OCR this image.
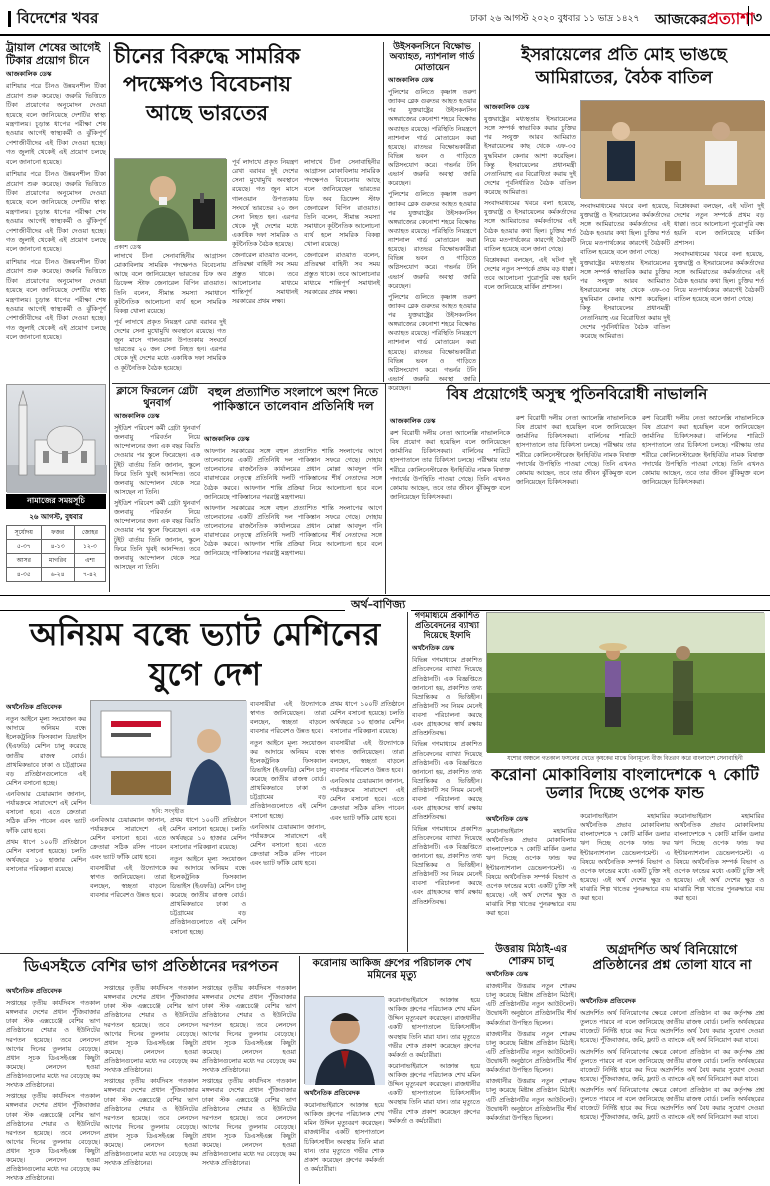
বিদেশের খবর	ঢাকা ২৬ আগস্ট ২০২০ বুধবার ১১ ভাদ্র ১৪২৭ আজকেরপ্রত্যাশা
৩
ট্রায়াল শেষের আগেই টিকার প্রয়োগ চীনে
আজকালিক ডেস্ক
রাশিয়ার পরে চীনও উন্নয়নশীল টিকা প্রয়োগ শুরু করেছে। জরুরি ভিত্তিতে টিকা প্রয়োগের অনুমোদন দেওয়া হয়েছে বলে জানিয়েছে দেশটির স্বাস্থ্য মন্ত্রণালয়। চূড়ান্ত ধাপের পরীক্ষা শেষ হওয়ার আগেই স্বাস্থ্যকর্মী ও ঝুঁকিপূর্ণ পেশাজীবীদের এই টিকা দেওয়া হচ্ছে। গত জুলাই থেকেই এই প্রয়োগ চলছে বলে জানানো হয়েছে।
রাশিয়ার পরে চীনও উন্নয়নশীল টিকা প্রয়োগ শুরু করেছে। জরুরি ভিত্তিতে টিকা প্রয়োগের অনুমোদন দেওয়া হয়েছে বলে জানিয়েছে দেশটির স্বাস্থ্য মন্ত্রণালয়। চূড়ান্ত ধাপের পরীক্ষা শেষ হওয়ার আগেই স্বাস্থ্যকর্মী ও ঝুঁকিপূর্ণ পেশাজীবীদের এই টিকা দেওয়া হচ্ছে। গত জুলাই থেকেই এই প্রয়োগ চলছে বলে জানানো হয়েছে।
রাশিয়ার পরে চীনও উন্নয়নশীল টিকা প্রয়োগ শুরু করেছে। জরুরি ভিত্তিতে টিকা প্রয়োগের অনুমোদন দেওয়া হয়েছে বলে জানিয়েছে দেশটির স্বাস্থ্য মন্ত্রণালয়। চূড়ান্ত ধাপের পরীক্ষা শেষ হওয়ার আগেই স্বাস্থ্যকর্মী ও ঝুঁকিপূর্ণ পেশাজীবীদের এই টিকা দেওয়া হচ্ছে। গত জুলাই থেকেই এই প্রয়োগ চলছে বলে জানানো হয়েছে।
নামাজের সময়সূচি
২৬ আগস্ট, বুধবার
সূর্যোদয়	ফজর	জোহর
৫-৩৭	৪-১৩	১২-৩
আসর	মাগরিব	এশা
৪-৩৫	৬-২৪	৭-৪২
চীনের বিরুদ্ধে সামরিক পদক্ষেপও বিবেচনায় আছে ভারতের
প্রকাশ ডেস্ক
লাদাখে চীনা সেনাবাহিনীর আগ্রাসন মোকাবিলায় সামরিক পদক্ষেপও বিবেচনায় আছে বলে জানিয়েছেন ভারতের চিফ অব ডিফেন্স স্টাফ জেনারেল বিপিন রাওয়াত। তিনি বলেন, সীমান্ত সমস্যা সমাধানে কূটনৈতিক আলোচনা ব্যর্থ হলে সামরিক বিকল্প খোলা রয়েছে।
পূর্ব লাদাখে প্রকৃত নিয়ন্ত্রণ রেখা বরাবর দুই দেশের সেনা মুখোমুখি অবস্থানে রয়েছে। গত জুন মাসে গালওয়ান উপত্যকায় সংঘর্ষে ভারতের ২০ জন সেনা নিহত হন। এরপর থেকে দুই দেশের মধ্যে একাধিক দফা সামরিক ও কূটনৈতিক বৈঠক হয়েছে।
পূর্ব লাদাখে প্রকৃত নিয়ন্ত্রণ রেখা বরাবর দুই দেশের সেনা মুখোমুখি অবস্থানে রয়েছে। গত জুন মাসে গালওয়ান উপত্যকায় সংঘর্ষে ভারতের ২০ জন সেনা নিহত হন। এরপর থেকে দুই দেশের মধ্যে একাধিক দফা সামরিক ও কূটনৈতিক বৈঠক হয়েছে।
জেনারেল রাওয়াত বলেন, প্রতিরক্ষা বাহিনী সব সময় প্রস্তুত থাকে। তবে আলোচনার মাধ্যমে শান্তিপূর্ণ সমাধানই সরকারের প্রথম লক্ষ্য।
লাদাখে চীনা সেনাবাহিনীর আগ্রাসন মোকাবিলায় সামরিক পদক্ষেপও বিবেচনায় আছে বলে জানিয়েছেন ভারতের চিফ অব ডিফেন্স স্টাফ জেনারেল বিপিন রাওয়াত। তিনি বলেন, সীমান্ত সমস্যা সমাধানে কূটনৈতিক আলোচনা ব্যর্থ হলে সামরিক বিকল্প খোলা রয়েছে।
জেনারেল রাওয়াত বলেন, প্রতিরক্ষা বাহিনী সব সময় প্রস্তুত থাকে। তবে আলোচনার মাধ্যমে শান্তিপূর্ণ সমাধানই সরকারের প্রথম লক্ষ্য।
উইসকনসিনে বিক্ষোভ অব্যাহত, ন্যাশনাল গার্ড মোতায়েন
আজকালিক ডেস্ক
পুলিশের গুলিতে কৃষ্ণাঙ্গ তরুণ জ্যাকব ব্লেক গুরুতর আহত হওয়ার পর যুক্তরাষ্ট্রের উইসকনসিন অঙ্গরাজ্যের কেনোশা শহরে বিক্ষোভ অব্যাহত রয়েছে। পরিস্থিতি নিয়ন্ত্রণে ন্যাশনাল গার্ড মোতায়েন করা হয়েছে। রাতভর বিক্ষোভকারীরা বিভিন্ন ভবন ও গাড়িতে অগ্নিসংযোগ করে। গভর্নর টনি এভার্স জরুরি অবস্থা জারি করেছেন।
পুলিশের গুলিতে কৃষ্ণাঙ্গ তরুণ জ্যাকব ব্লেক গুরুতর আহত হওয়ার পর যুক্তরাষ্ট্রের উইসকনসিন অঙ্গরাজ্যের কেনোশা শহরে বিক্ষোভ অব্যাহত রয়েছে। পরিস্থিতি নিয়ন্ত্রণে ন্যাশনাল গার্ড মোতায়েন করা হয়েছে। রাতভর বিক্ষোভকারীরা বিভিন্ন ভবন ও গাড়িতে অগ্নিসংযোগ করে। গভর্নর টনি এভার্স জরুরি অবস্থা জারি করেছেন।
পুলিশের গুলিতে কৃষ্ণাঙ্গ তরুণ জ্যাকব ব্লেক গুরুতর আহত হওয়ার পর যুক্তরাষ্ট্রের উইসকনসিন অঙ্গরাজ্যের কেনোশা শহরে বিক্ষোভ অব্যাহত রয়েছে। পরিস্থিতি নিয়ন্ত্রণে ন্যাশনাল গার্ড মোতায়েন করা হয়েছে। রাতভর বিক্ষোভকারীরা বিভিন্ন ভবন ও গাড়িতে অগ্নিসংযোগ করে। গভর্নর টনি এভার্স জরুরি অবস্থা জারি করেছেন।
ইসরায়েলের প্রতি মোহ ভাঙছে আমিরাতের, বৈঠক বাতিল
আজকালিক ডেস্ক
যুক্তরাষ্ট্রের মধ্যস্থতায় ইসরায়েলের সঙ্গে সম্পর্ক স্বাভাবিক করার চুক্তির পর সংযুক্ত আরব আমিরাত ইসরায়েলের কাছ থেকে এফ-৩৫ যুদ্ধবিমান কেনার আশা করেছিল। কিন্তু ইসরায়েলের প্রধানমন্ত্রী নেতানিয়াহু এর বিরোধিতা করায় দুই দেশের পূর্বনির্ধারিত বৈঠক বাতিল করেছে আমিরাত।
সংবাদমাধ্যমের খবরে বলা হয়েছে, যুক্তরাষ্ট্র ও ইসরায়েলের কর্মকর্তাদের সঙ্গে আমিরাতের কর্মকর্তাদের এই বৈঠক হওয়ার কথা ছিল। চুক্তির শর্ত নিয়ে মতপার্থক্যের কারণেই বৈঠকটি বাতিল হয়েছে বলে জানা গেছে।
বিশ্লেষকরা বলছেন, এই ঘটনা দুই দেশের নতুন সম্পর্কে প্রথম বড় ধাক্কা। তবে আলোচনা পুরোপুরি বন্ধ হয়নি বলে জানিয়েছে মার্কিন প্রশাসন।
সংবাদমাধ্যমের খবরে বলা হয়েছে, যুক্তরাষ্ট্র ও ইসরায়েলের কর্মকর্তাদের সঙ্গে আমিরাতের কর্মকর্তাদের এই বৈঠক হওয়ার কথা ছিল। চুক্তির শর্ত নিয়ে মতপার্থক্যের কারণেই বৈঠকটি বাতিল হয়েছে বলে জানা গেছে।
যুক্তরাষ্ট্রের মধ্যস্থতায় ইসরায়েলের সঙ্গে সম্পর্ক স্বাভাবিক করার চুক্তির পর সংযুক্ত আরব আমিরাত ইসরায়েলের কাছ থেকে এফ-৩৫ যুদ্ধবিমান কেনার আশা করেছিল। কিন্তু ইসরায়েলের প্রধানমন্ত্রী নেতানিয়াহু এর বিরোধিতা করায় দুই দেশের পূর্বনির্ধারিত বৈঠক বাতিল করেছে আমিরাত।
বিশ্লেষকরা বলছেন, এই ঘটনা দুই দেশের নতুন সম্পর্কে প্রথম বড় ধাক্কা। তবে আলোচনা পুরোপুরি বন্ধ হয়নি বলে জানিয়েছে মার্কিন প্রশাসন।
সংবাদমাধ্যমের খবরে বলা হয়েছে, যুক্তরাষ্ট্র ও ইসরায়েলের কর্মকর্তাদের সঙ্গে আমিরাতের কর্মকর্তাদের এই বৈঠক হওয়ার কথা ছিল। চুক্তির শর্ত নিয়ে মতপার্থক্যের কারণেই বৈঠকটি বাতিল হয়েছে বলে জানা গেছে।
ক্লাসে ফিরলেন গ্রেটা থুনবার্গ
আজকালিক ডেস্ক
সুইডিশ পরিবেশ কর্মী গ্রেটা থুনবার্গ জলবায়ু পরিবর্তন নিয়ে আন্দোলনের জন্য এক বছর বিরতি দেওয়ার পর স্কুলে ফিরেছেন। এক টুইট বার্তায় তিনি জানান, স্কুলে ফিরে তিনি খুবই আনন্দিত। তবে জলবায়ু আন্দোলন থেকে সরে আসছেন না তিনি।
সুইডিশ পরিবেশ কর্মী গ্রেটা থুনবার্গ জলবায়ু পরিবর্তন নিয়ে আন্দোলনের জন্য এক বছর বিরতি দেওয়ার পর স্কুলে ফিরেছেন। এক টুইট বার্তায় তিনি জানান, স্কুলে ফিরে তিনি খুবই আনন্দিত। তবে জলবায়ু আন্দোলন থেকে সরে আসছেন না তিনি।
বহুল প্রত্যাশিত সংলাপে অংশ নিতে পাকিস্তানে তালেবান প্রতিনিধি দল
আজকালিক ডেস্ক
আফগান সরকারের সঙ্গে বহুল প্রত্যাশিত শান্তি সংলাপের আগে তালেবানের একটি প্রতিনিধি দল পাকিস্তান সফরে গেছে। দোহায় তালেবানের রাজনৈতিক কার্যালয়ের প্রধান মোল্লা আবদুল গনি বারাদারের নেতৃত্বে প্রতিনিধি দলটি পাকিস্তানের শীর্ষ নেতাদের সঙ্গে বৈঠক করবে। আফগান শান্তি প্রক্রিয়া নিয়ে আলোচনা হবে বলে জানিয়েছে পাকিস্তানের পররাষ্ট্র মন্ত্রণালয়।
আফগান সরকারের সঙ্গে বহুল প্রত্যাশিত শান্তি সংলাপের আগে তালেবানের একটি প্রতিনিধি দল পাকিস্তান সফরে গেছে। দোহায় তালেবানের রাজনৈতিক কার্যালয়ের প্রধান মোল্লা আবদুল গনি বারাদারের নেতৃত্বে প্রতিনিধি দলটি পাকিস্তানের শীর্ষ নেতাদের সঙ্গে বৈঠক করবে। আফগান শান্তি প্রক্রিয়া নিয়ে আলোচনা হবে বলে জানিয়েছে পাকিস্তানের পররাষ্ট্র মন্ত্রণালয়।
বিষ প্রয়োগেই অসুস্থ পুতিনবিরোধী নাভালনি
আজকালিক ডেস্ক
রুশ বিরোধী দলীয় নেতা অ্যালেক্সি নাভালনিকে বিষ প্রয়োগ করা হয়েছিল বলে জানিয়েছেন জার্মানির চিকিৎসকরা। বার্লিনের শারিটে হাসপাতালে তার চিকিৎসা চলছে। পরীক্ষায় তার শরীরে কোলিনেস্টারেজ ইনহিবিটর নামক বিষাক্ত পদার্থের উপস্থিতি পাওয়া গেছে। তিনি এখনও কোমায় আছেন, তবে তার জীবন ঝুঁকিমুক্ত বলে জানিয়েছেন চিকিৎসকরা।
রুশ বিরোধী দলীয় নেতা অ্যালেক্সি নাভালনিকে বিষ প্রয়োগ করা হয়েছিল বলে জানিয়েছেন জার্মানির চিকিৎসকরা। বার্লিনের শারিটে হাসপাতালে তার চিকিৎসা চলছে। পরীক্ষায় তার শরীরে কোলিনেস্টারেজ ইনহিবিটর নামক বিষাক্ত পদার্থের উপস্থিতি পাওয়া গেছে। তিনি এখনও কোমায় আছেন, তবে তার জীবন ঝুঁকিমুক্ত বলে জানিয়েছেন চিকিৎসকরা।
রুশ বিরোধী দলীয় নেতা অ্যালেক্সি নাভালনিকে বিষ প্রয়োগ করা হয়েছিল বলে জানিয়েছেন জার্মানির চিকিৎসকরা। বার্লিনের শারিটে হাসপাতালে তার চিকিৎসা চলছে। পরীক্ষায় তার শরীরে কোলিনেস্টারেজ ইনহিবিটর নামক বিষাক্ত পদার্থের উপস্থিতি পাওয়া গেছে। তিনি এখনও কোমায় আছেন, তবে তার জীবন ঝুঁকিমুক্ত বলে জানিয়েছেন চিকিৎসকরা।
অর্থ–বাণিজ্য
অনিয়ম বন্ধে ভ্যাট মেশিনের যুগে দেশ
অর্থনৈতিক প্রতিবেদক
নতুন আইনে মূল্য সংযোজন কর আদায়ে অনিয়ম বন্ধে ইলেকট্রনিক ফিসক্যাল ডিভাইস (ইএফডি) মেশিন চালু করেছে জাতীয় রাজস্ব বোর্ড। প্রাথমিকভাবে ঢাকা ও চট্টগ্রামের বড় প্রতিষ্ঠানগুলোতে এই মেশিন বসানো হচ্ছে।
এনবিআর চেয়ারম্যান জানান, পর্যায়ক্রমে সারাদেশে এই মেশিন বসানো হবে। এতে ক্রেতারা সঠিক রসিদ পাবেন এবং ভ্যাট ফাঁকি রোধ হবে।
প্রথম ধাপে ১০০টি প্রতিষ্ঠানে মেশিন বসানো হয়েছে। চলতি অর্থবছরে ১০ হাজার মেশিন বসানোর পরিকল্পনা রয়েছে।
ছবি: সংগৃহীত
এনবিআর চেয়ারম্যান জানান, পর্যায়ক্রমে সারাদেশে এই মেশিন বসানো হবে। এতে ক্রেতারা সঠিক রসিদ পাবেন এবং ভ্যাট ফাঁকি রোধ হবে।
ব্যবসায়ীরা এই উদ্যোগকে স্বাগত জানিয়েছেন। তারা বলছেন, স্বচ্ছতা বাড়লে ব্যবসার পরিবেশও উন্নত হবে।
প্রথম ধাপে ১০০টি প্রতিষ্ঠানে মেশিন বসানো হয়েছে। চলতি অর্থবছরে ১০ হাজার মেশিন বসানোর পরিকল্পনা রয়েছে।
নতুন আইনে মূল্য সংযোজন কর আদায়ে অনিয়ম বন্ধে ইলেকট্রনিক ফিসক্যাল ডিভাইস (ইএফডি) মেশিন চালু করেছে জাতীয় রাজস্ব বোর্ড। প্রাথমিকভাবে ঢাকা ও চট্টগ্রামের বড় প্রতিষ্ঠানগুলোতে এই মেশিন বসানো হচ্ছে।
ব্যবসায়ীরা এই উদ্যোগকে স্বাগত জানিয়েছেন। তারা বলছেন, স্বচ্ছতা বাড়লে ব্যবসার পরিবেশও উন্নত হবে।
নতুন আইনে মূল্য সংযোজন কর আদায়ে অনিয়ম বন্ধে ইলেকট্রনিক ফিসক্যাল ডিভাইস (ইএফডি) মেশিন চালু করেছে জাতীয় রাজস্ব বোর্ড। প্রাথমিকভাবে ঢাকা ও চট্টগ্রামের বড় প্রতিষ্ঠানগুলোতে এই মেশিন বসানো হচ্ছে।
এনবিআর চেয়ারম্যান জানান, পর্যায়ক্রমে সারাদেশে এই মেশিন বসানো হবে। এতে ক্রেতারা সঠিক রসিদ পাবেন এবং ভ্যাট ফাঁকি রোধ হবে।
প্রথম ধাপে ১০০টি প্রতিষ্ঠানে মেশিন বসানো হয়েছে। চলতি অর্থবছরে ১০ হাজার মেশিন বসানোর পরিকল্পনা রয়েছে।
ব্যবসায়ীরা এই উদ্যোগকে স্বাগত জানিয়েছেন। তারা বলছেন, স্বচ্ছতা বাড়লে ব্যবসার পরিবেশও উন্নত হবে।
এনবিআর চেয়ারম্যান জানান, পর্যায়ক্রমে সারাদেশে এই মেশিন বসানো হবে। এতে ক্রেতারা সঠিক রসিদ পাবেন এবং ভ্যাট ফাঁকি রোধ হবে।
গণমাধ্যমে প্রকাশিত প্রতিবেদনের ব্যাখ্যা দিয়েছে ইফাদি
অর্থনৈতিক ডেস্ক
বিভিন্ন গণমাধ্যমে প্রকাশিত প্রতিবেদনের ব্যাখ্যা দিয়েছে প্রতিষ্ঠানটি। এক বিজ্ঞপ্তিতে জানানো হয়, প্রকাশিত তথ্য বিভ্রান্তিকর ও ভিত্তিহীন। প্রতিষ্ঠানটি সব নিয়ম মেনেই ব্যবসা পরিচালনা করছে এবং গ্রাহকদের স্বার্থ রক্ষায় প্রতিশ্রুতিবদ্ধ।
বিভিন্ন গণমাধ্যমে প্রকাশিত প্রতিবেদনের ব্যাখ্যা দিয়েছে প্রতিষ্ঠানটি। এক বিজ্ঞপ্তিতে জানানো হয়, প্রকাশিত তথ্য বিভ্রান্তিকর ও ভিত্তিহীন। প্রতিষ্ঠানটি সব নিয়ম মেনেই ব্যবসা পরিচালনা করছে এবং গ্রাহকদের স্বার্থ রক্ষায় প্রতিশ্রুতিবদ্ধ।
বিভিন্ন গণমাধ্যমে প্রকাশিত প্রতিবেদনের ব্যাখ্যা দিয়েছে প্রতিষ্ঠানটি। এক বিজ্ঞপ্তিতে জানানো হয়, প্রকাশিত তথ্য বিভ্রান্তিকর ও ভিত্তিহীন। প্রতিষ্ঠানটি সব নিয়ম মেনেই ব্যবসা পরিচালনা করছে এবং গ্রাহকদের স্বার্থ রক্ষায় প্রতিশ্রুতিবদ্ধ।
যশোর অঞ্চলে গতকাল ফসলের খেতে কৃষকের মাঝে বিনামূল্যে বীজ বিতরণ করে বাংলাদেশ সেনাবাহিনী
করোনা মোকাবিলায় বাংলাদেশকে ৭ কোটি ডলার দিচ্ছে ওপেক ফান্ড
অর্থনৈতিক ডেস্ক
করোনাভাইরাস মহামারির অর্থনৈতিক প্রভাব মোকাবিলায় বাংলাদেশকে ৭ কোটি মার্কিন ডলার ঋণ দিচ্ছে ওপেক ফান্ড ফর ইন্টারন্যাশনাল ডেভেলপমেন্ট। এ বিষয়ে অর্থনৈতিক সম্পর্ক বিভাগ ও ওপেক ফান্ডের মধ্যে একটি চুক্তি সই হয়েছে। এই অর্থ দেশের ক্ষুদ্র ও মাঝারি শিল্প খাতের পুনরুদ্ধারে ব্যয় করা হবে।
করোনাভাইরাস মহামারির অর্থনৈতিক প্রভাব মোকাবিলায় বাংলাদেশকে ৭ কোটি মার্কিন ডলার ঋণ দিচ্ছে ওপেক ফান্ড ফর ইন্টারন্যাশনাল ডেভেলপমেন্ট। এ বিষয়ে অর্থনৈতিক সম্পর্ক বিভাগ ও ওপেক ফান্ডের মধ্যে একটি চুক্তি সই হয়েছে। এই অর্থ দেশের ক্ষুদ্র ও মাঝারি শিল্প খাতের পুনরুদ্ধারে ব্যয় করা হবে।
করোনাভাইরাস মহামারির অর্থনৈতিক প্রভাব মোকাবিলায় বাংলাদেশকে ৭ কোটি মার্কিন ডলার ঋণ দিচ্ছে ওপেক ফান্ড ফর ইন্টারন্যাশনাল ডেভেলপমেন্ট। এ বিষয়ে অর্থনৈতিক সম্পর্ক বিভাগ ও ওপেক ফান্ডের মধ্যে একটি চুক্তি সই হয়েছে। এই অর্থ দেশের ক্ষুদ্র ও মাঝারি শিল্প খাতের পুনরুদ্ধারে ব্যয় করা হবে।
উত্তরায় মিঠাই-এর শোরুম চালু
অর্থনৈতিক ডেস্ক
রাজধানীর উত্তরায় নতুন শোরুম চালু করেছে মিষ্টান্ন প্রতিষ্ঠান মিঠাই। এটি প্রতিষ্ঠানটির নতুন আউটলেট। উদ্বোধনী অনুষ্ঠানে প্রতিষ্ঠানটির শীর্ষ কর্মকর্তারা উপস্থিত ছিলেন।
রাজধানীর উত্তরায় নতুন শোরুম চালু করেছে মিষ্টান্ন প্রতিষ্ঠান মিঠাই। এটি প্রতিষ্ঠানটির নতুন আউটলেট। উদ্বোধনী অনুষ্ঠানে প্রতিষ্ঠানটির শীর্ষ কর্মকর্তারা উপস্থিত ছিলেন।
রাজধানীর উত্তরায় নতুন শোরুম চালু করেছে মিষ্টান্ন প্রতিষ্ঠান মিঠাই। এটি প্রতিষ্ঠানটির নতুন আউটলেট। উদ্বোধনী অনুষ্ঠানে প্রতিষ্ঠানটির শীর্ষ কর্মকর্তারা উপস্থিত ছিলেন।
অগ্রদর্শিত অর্থ বিনিয়োগে প্রতিষ্ঠানের প্রশ্ন তোলা যাবে না
অর্থনৈতিক প্রতিবেদক
অপ্রদর্শিত অর্থ বিনিয়োগের ক্ষেত্রে কোনো প্রতিষ্ঠান বা কর কর্তৃপক্ষ প্রশ্ন তুলতে পারবে না বলে জানিয়েছে জাতীয় রাজস্ব বোর্ড। চলতি অর্থবছরের বাজেটে নির্দিষ্ট হারে কর দিয়ে অপ্রদর্শিত অর্থ বৈধ করার সুযোগ দেওয়া হয়েছে। পুঁজিবাজার, জমি, ফ্ল্যাট ও ব্যাংকে এই অর্থ বিনিয়োগ করা যাবে।
অপ্রদর্শিত অর্থ বিনিয়োগের ক্ষেত্রে কোনো প্রতিষ্ঠান বা কর কর্তৃপক্ষ প্রশ্ন তুলতে পারবে না বলে জানিয়েছে জাতীয় রাজস্ব বোর্ড। চলতি অর্থবছরের বাজেটে নির্দিষ্ট হারে কর দিয়ে অপ্রদর্শিত অর্থ বৈধ করার সুযোগ দেওয়া হয়েছে। পুঁজিবাজার, জমি, ফ্ল্যাট ও ব্যাংকে এই অর্থ বিনিয়োগ করা যাবে।
অপ্রদর্শিত অর্থ বিনিয়োগের ক্ষেত্রে কোনো প্রতিষ্ঠান বা কর কর্তৃপক্ষ প্রশ্ন তুলতে পারবে না বলে জানিয়েছে জাতীয় রাজস্ব বোর্ড। চলতি অর্থবছরের বাজেটে নির্দিষ্ট হারে কর দিয়ে অপ্রদর্শিত অর্থ বৈধ করার সুযোগ দেওয়া হয়েছে। পুঁজিবাজার, জমি, ফ্ল্যাট ও ব্যাংকে এই অর্থ বিনিয়োগ করা যাবে।
ডিএসইতে বেশির ভাগ প্রতিষ্ঠানের দরপতন
অর্থনৈতিক প্রতিবেদক
সপ্তাহের তৃতীয় কার্যদিবস গতকাল মঙ্গলবার দেশের প্রধান পুঁজিবাজার ঢাকা স্টক এক্সচেঞ্জে বেশির ভাগ প্রতিষ্ঠানের শেয়ার ও ইউনিটের দরপতন হয়েছে। তবে লেনদেন আগের দিনের তুলনায় বেড়েছে। প্রধান সূচক ডিএসইএক্স কিছুটা কমেছে। লেনদেন হওয়া প্রতিষ্ঠানগুলোর মধ্যে দর বেড়েছে কম সংখ্যক প্রতিষ্ঠানের।
সপ্তাহের তৃতীয় কার্যদিবস গতকাল মঙ্গলবার দেশের প্রধান পুঁজিবাজার ঢাকা স্টক এক্সচেঞ্জে বেশির ভাগ প্রতিষ্ঠানের শেয়ার ও ইউনিটের দরপতন হয়েছে। তবে লেনদেন আগের দিনের তুলনায় বেড়েছে। প্রধান সূচক ডিএসইএক্স কিছুটা কমেছে। লেনদেন হওয়া প্রতিষ্ঠানগুলোর মধ্যে দর বেড়েছে কম সংখ্যক প্রতিষ্ঠানের।
সপ্তাহের তৃতীয় কার্যদিবস গতকাল মঙ্গলবার দেশের প্রধান পুঁজিবাজার ঢাকা স্টক এক্সচেঞ্জে বেশির ভাগ প্রতিষ্ঠানের শেয়ার ও ইউনিটের দরপতন হয়েছে। তবে লেনদেন আগের দিনের তুলনায় বেড়েছে। প্রধান সূচক ডিএসইএক্স কিছুটা কমেছে। লেনদেন হওয়া প্রতিষ্ঠানগুলোর মধ্যে দর বেড়েছে কম সংখ্যক প্রতিষ্ঠানের।
সপ্তাহের তৃতীয় কার্যদিবস গতকাল মঙ্গলবার দেশের প্রধান পুঁজিবাজার ঢাকা স্টক এক্সচেঞ্জে বেশির ভাগ প্রতিষ্ঠানের শেয়ার ও ইউনিটের দরপতন হয়েছে। তবে লেনদেন আগের দিনের তুলনায় বেড়েছে। প্রধান সূচক ডিএসইএক্স কিছুটা কমেছে। লেনদেন হওয়া প্রতিষ্ঠানগুলোর মধ্যে দর বেড়েছে কম সংখ্যক প্রতিষ্ঠানের।
সপ্তাহের তৃতীয় কার্যদিবস গতকাল মঙ্গলবার দেশের প্রধান পুঁজিবাজার ঢাকা স্টক এক্সচেঞ্জে বেশির ভাগ প্রতিষ্ঠানের শেয়ার ও ইউনিটের দরপতন হয়েছে। তবে লেনদেন আগের দিনের তুলনায় বেড়েছে। প্রধান সূচক ডিএসইএক্স কিছুটা কমেছে। লেনদেন হওয়া প্রতিষ্ঠানগুলোর মধ্যে দর বেড়েছে কম সংখ্যক প্রতিষ্ঠানের।
সপ্তাহের তৃতীয় কার্যদিবস গতকাল মঙ্গলবার দেশের প্রধান পুঁজিবাজার ঢাকা স্টক এক্সচেঞ্জে বেশির ভাগ প্রতিষ্ঠানের শেয়ার ও ইউনিটের দরপতন হয়েছে। তবে লেনদেন আগের দিনের তুলনায় বেড়েছে। প্রধান সূচক ডিএসইএক্স কিছুটা কমেছে। লেনদেন হওয়া প্রতিষ্ঠানগুলোর মধ্যে দর বেড়েছে কম সংখ্যক প্রতিষ্ঠানের।
করোনায় আকিজ গ্রুপের পরিচালক শেখ মমিনের মৃত্যু
অর্থনৈতিক প্রতিবেদক
করোনাভাইরাসে আক্রান্ত হয়ে আকিজ গ্রুপের পরিচালক শেখ মমিন উদ্দিন মৃত্যুবরণ করেছেন। রাজধানীর একটি হাসপাতালে চিকিৎসাধীন অবস্থায় তিনি মারা যান। তার মৃত্যুতে গভীর শোক প্রকাশ করেছেন গ্রুপের কর্মকর্তা ও কর্মচারীরা।
করোনাভাইরাসে আক্রান্ত হয়ে আকিজ গ্রুপের পরিচালক শেখ মমিন উদ্দিন মৃত্যুবরণ করেছেন। রাজধানীর একটি হাসপাতালে চিকিৎসাধীন অবস্থায় তিনি মারা যান। তার মৃত্যুতে গভীর শোক প্রকাশ করেছেন গ্রুপের কর্মকর্তা ও কর্মচারীরা।
করোনাভাইরাসে আক্রান্ত হয়ে আকিজ গ্রুপের পরিচালক শেখ মমিন উদ্দিন মৃত্যুবরণ করেছেন। রাজধানীর একটি হাসপাতালে চিকিৎসাধীন অবস্থায় তিনি মারা যান। তার মৃত্যুতে গভীর শোক প্রকাশ করেছেন গ্রুপের কর্মকর্তা ও কর্মচারীরা।
